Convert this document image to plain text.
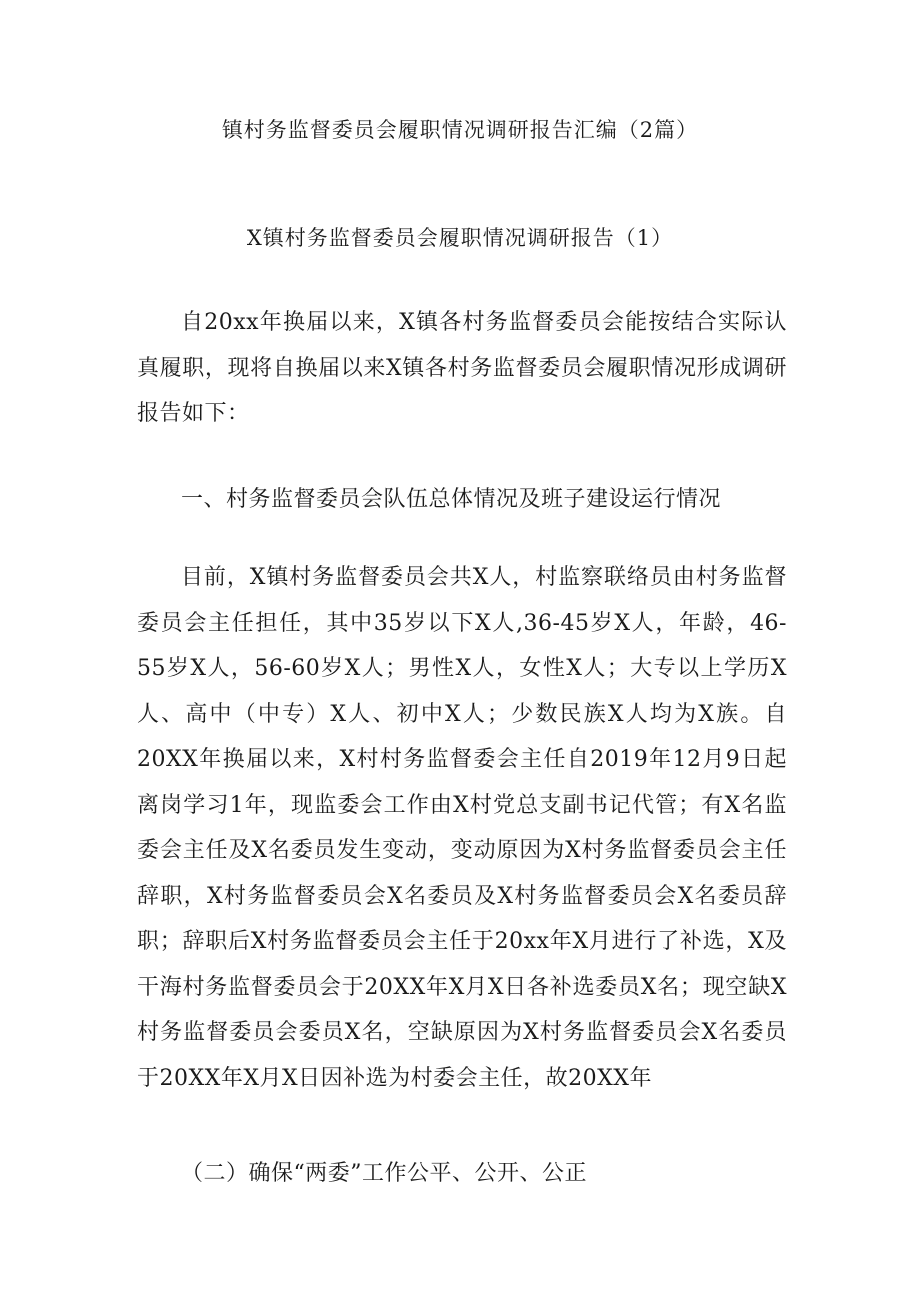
镇村务监督委员会履职情况调研报告汇编（2篇）
X镇村务监督委员会履职情况调研报告（1）

自20xx年换届以来，X镇各村务监督委员会能按结合实际认真履职，现将自换届以来X镇各村务监督委员会履职情况形成调研报告如下：

一、村务监督委员会队伍总体情况及班子建设运行情况

目前，X镇村务监督委员会共X人，村监察联络员由村务监督委员会主任担任，其中35岁以下X人,36-45岁X人，年龄，46-55岁X人，56-60岁X人；男性X人，女性X人；大专以上学历X人、高中（中专）X人、初中X人；少数民族X人均为X族。自20XX年换届以来，X村村务监督委会主任自2019年12月9日起离岗学习1年，现监委会工作由X村党总支副书记代管；有X名监委会主任及X名委员发生变动，变动原因为X村务监督委员会主任辞职，X村务监督委员会X名委员及X村务监督委员会X名委员辞职；辞职后X村务监督委员会主任于20xx年X月进行了补选，X及干海村务监督委员会于20XX年X月X日各补选委员X名；现空缺X村务监督委员会委员X名，空缺原因为X村务监督委员会X名委员于20XX年X月X日因补选为村委会主任，故20XX年

（二）确保“两委”工作公平、公开、公正
